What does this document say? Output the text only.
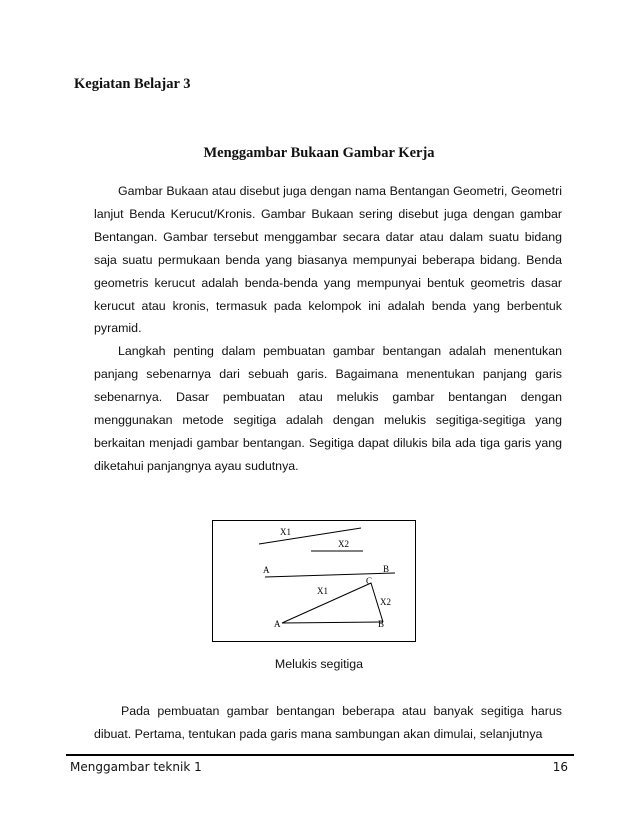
Kegiatan Belajar 3
Menggambar Bukaan Gambar Kerja

Gambar Bukaan atau disebut juga dengan nama Bentangan Geometri, Geometri lanjut Benda Kerucut/Kronis. Gambar Bukaan sering disebut juga dengan gambar Bentangan. Gambar tersebut menggambar secara datar atau dalam suatu bidang saja suatu permukaan benda yang biasanya mempunyai beberapa bidang. Benda geometris kerucut adalah benda-benda yang mempunyai bentuk geometris dasar kerucut atau kronis, termasuk pada kelompok ini adalah benda yang berbentuk pyramid.

Langkah penting dalam pembuatan gambar bentangan adalah menentukan panjang sebenarnya dari sebuah garis. Bagaimana menentukan panjang garis sebenarnya. Dasar pembuatan atau melukis gambar bentangan dengan menggunakan metode segitiga adalah dengan melukis segitiga-segitiga yang berkaitan menjadi gambar bentangan. Segitiga dapat dilukis bila ada tiga garis yang diketahui panjangnya ayau sudutnya.

X1
X2
A	B
C
X1
X2
A	B
Melukis segitiga

Pada pembuatan gambar bentangan beberapa atau banyak segitiga harus dibuat. Pertama, tentukan pada garis mana sambungan akan dimulai, selanjutnya

Menggambar teknik 1	16
